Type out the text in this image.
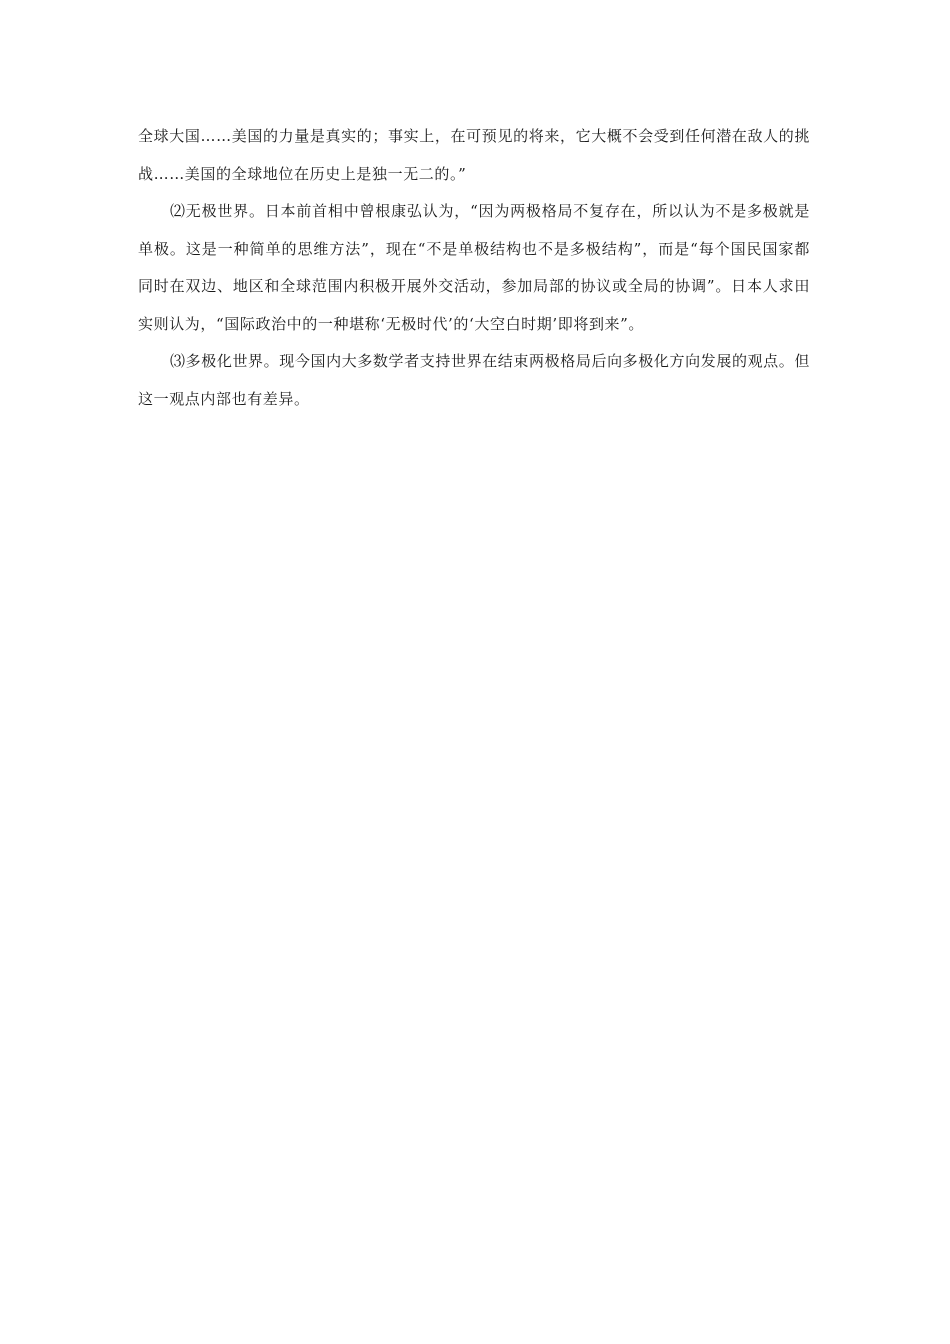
全球大国……美国的力量是真实的；事实上，在可预见的将来，它大概不会受到任何潜在敌人的挑战……美国的全球地位在历史上是独一无二的。”

⑵无极世界。日本前首相中曾根康弘认为，“因为两极格局不复存在，所以认为不是多极就是单极。这是一种简单的思维方法”，现在“不是单极结构也不是多极结构”，而是“每个国民国家都同时在双边、地区和全球范围内积极开展外交活动，参加局部的协议或全局的协调”。日本人求田实则认为，“国际政治中的一种堪称‘无极时代’的‘大空白时期’即将到来”。

⑶多极化世界。现今国内大多数学者支持世界在结束两极格局后向多极化方向发展的观点。但这一观点内部也有差异。
